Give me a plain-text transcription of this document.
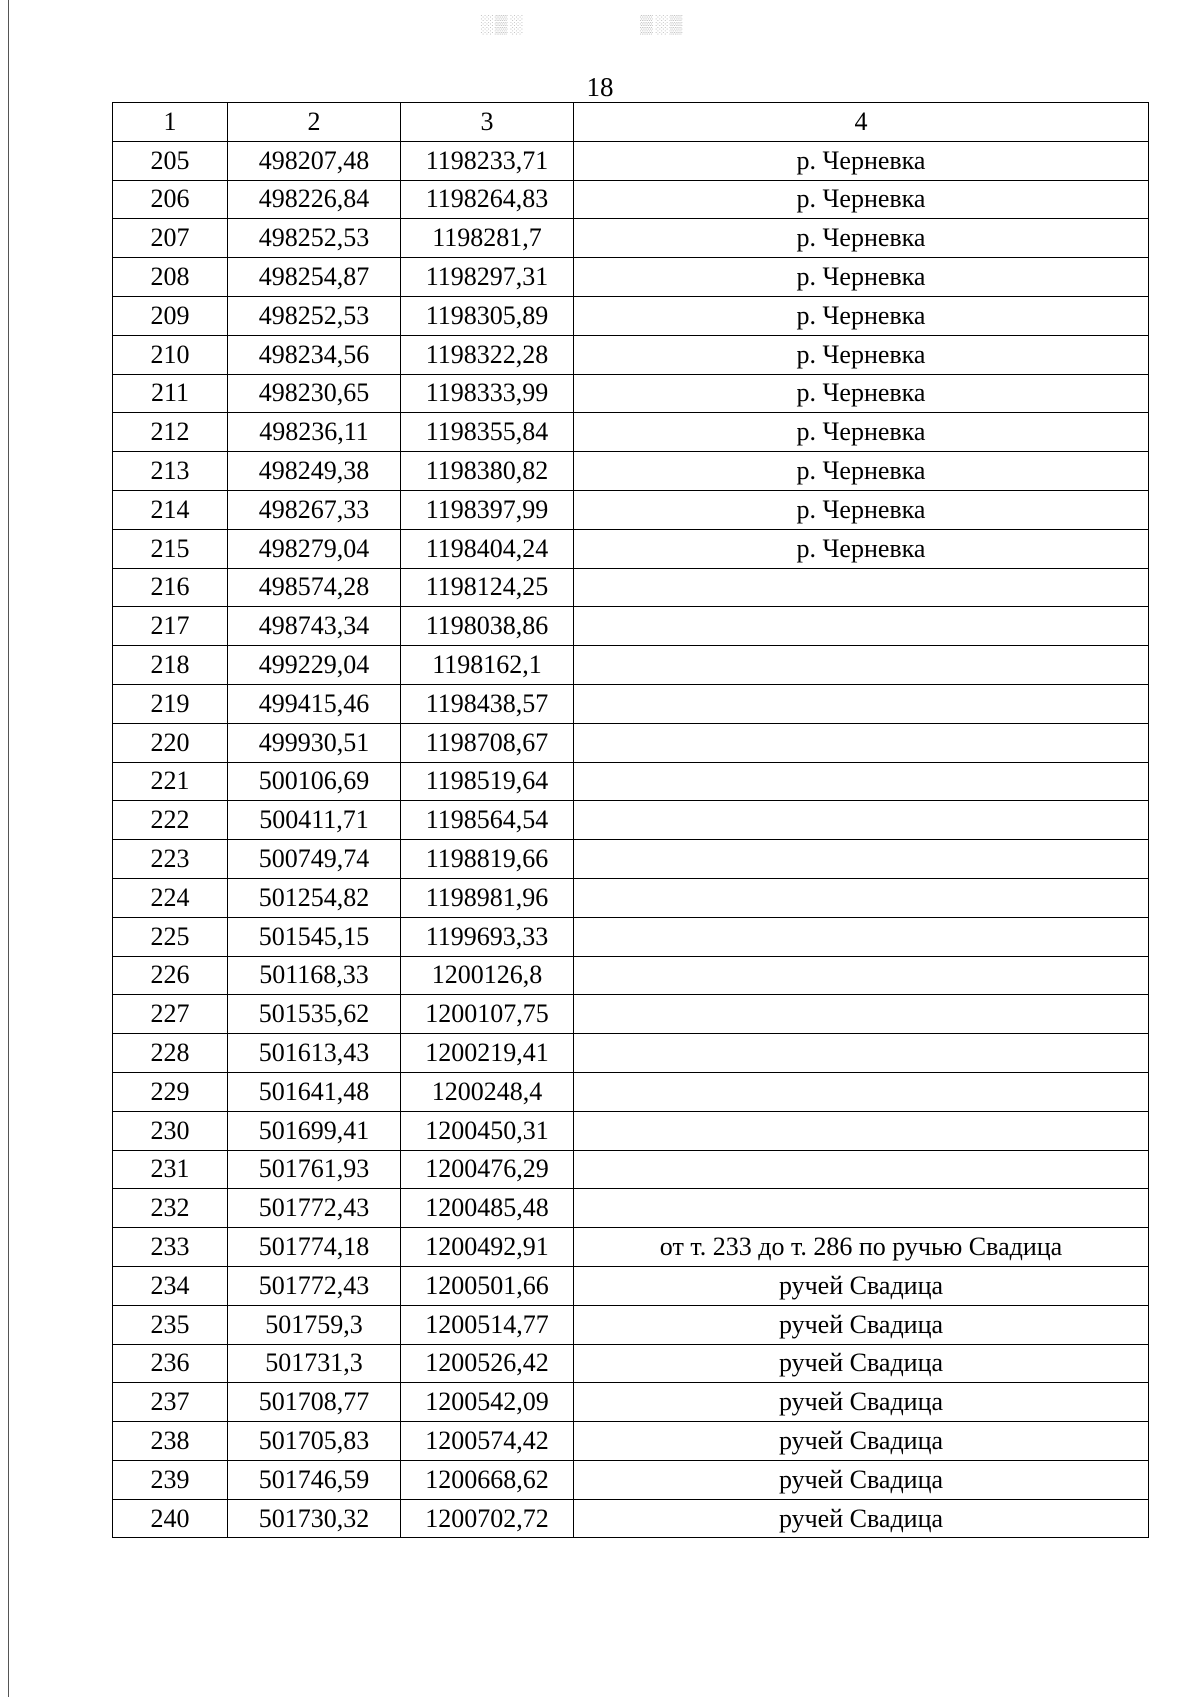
░▒░	▒░▒
18
1	2	3	4
205	498207,48	1198233,71	р. Черневка
206	498226,84	1198264,83	р. Черневка
207	498252,53	1198281,7	р. Черневка
208	498254,87	1198297,31	р. Черневка
209	498252,53	1198305,89	р. Черневка
210	498234,56	1198322,28	р. Черневка
211	498230,65	1198333,99	р. Черневка
212	498236,11	1198355,84	р. Черневка
213	498249,38	1198380,82	р. Черневка
214	498267,33	1198397,99	р. Черневка
215	498279,04	1198404,24	р. Черневка
216	498574,28	1198124,25	
217	498743,34	1198038,86	
218	499229,04	1198162,1	
219	499415,46	1198438,57	
220	499930,51	1198708,67	
221	500106,69	1198519,64	
222	500411,71	1198564,54	
223	500749,74	1198819,66	
224	501254,82	1198981,96	
225	501545,15	1199693,33	
226	501168,33	1200126,8	
227	501535,62	1200107,75	
228	501613,43	1200219,41	
229	501641,48	1200248,4	
230	501699,41	1200450,31	
231	501761,93	1200476,29	
232	501772,43	1200485,48	
233	501774,18	1200492,91	от т. 233 до т. 286 по ручью Свадица
234	501772,43	1200501,66	ручей Свадица
235	501759,3	1200514,77	ручей Свадица
236	501731,3	1200526,42	ручей Свадица
237	501708,77	1200542,09	ручей Свадица
238	501705,83	1200574,42	ручей Свадица
239	501746,59	1200668,62	ручей Свадица
240	501730,32	1200702,72	ручей Свадица
